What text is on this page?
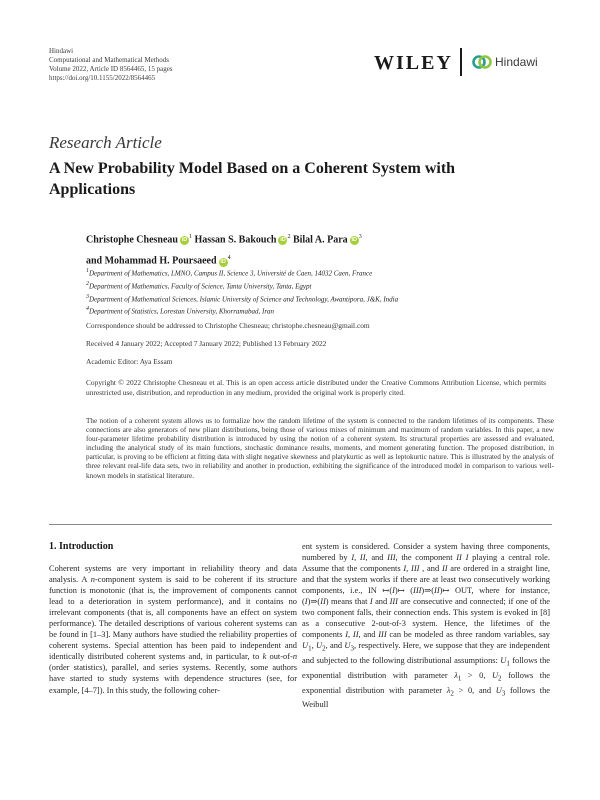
Hindawi
Computational and Mathematical Methods
Volume 2022, Article ID 8564465, 15 pages
https://doi.org/10.1155/2022/8564465
WILEY	Hindawi
Research Article
A New Probability Model Based on a Coherent System with Applications
Christophe Chesneau $iD^1$ Hassan S. Bakouch $iD^2$ Bilal A. Para $iD^3$
and Mohammad H. Poursaeed $iD^4$
$^1$Department of Mathematics, LMNO, Campus II, Science 3, Université de Caen, 14032 Caen, France
$^2$Department of Mathematics, Faculty of Science, Tanta University, Tanta, Egypt
$^3$Department of Mathematical Sciences, Islamic University of Science and Technology, Awantipora, J&K, India
$^4$Department of Statistics, Lorestan University, Khorramabad, Iran
Correspondence should be addressed to Christophe Chesneau; christophe.chesneau@gmail.com
Received 4 January 2022; Accepted 7 January 2022; Published 13 February 2022
Academic Editor: Aya Essam
Copyright © 2022 Christophe Chesneau et al. This is an open access article distributed under the Creative Commons Attribution License, which permits unrestricted use, distribution, and reproduction in any medium, provided the original work is properly cited.
The notion of a coherent system allows us to formalize how the random lifetime of the system is connected to the random lifetimes of its components. These connections are also generators of new pliant distributions, being those of various mixes of minimum and maximum of random variables. In this paper, a new four-parameter lifetime probability distribution is introduced by using the notion of a coherent system. Its structural properties are assessed and evaluated, including the analytical study of its main functions, stochastic dominance results, moments, and moment generating function. The proposed distribution, in particular, is proving to be efficient at fitting data with slight negative skewness and platykurtic as well as leptokurtic nature. This is illustrated by the analysis of three relevant real-life data sets, two in reliability and another in production, exhibiting the significance of the introduced model in comparison to various well-known models in statistical literature.
1. Introduction
Coherent systems are very important in reliability theory and data analysis. A n-component system is said to be coherent if its structure function is monotonic (that is, the improvement of components cannot lead to a deterioration in system performance), and it contains no irrelevant components (that is, all components have an effect on system performance). The detailed descriptions of various coherent systems can be found in [1–3]. Many authors have studied the reliability properties of coherent systems. Special attention has been paid to independent and identically distributed coherent systems and, in particular, to k out-of-n (order statistics), parallel, and series systems. Recently, some authors have started to study systems with dependence structures (see, for example, [4–7]). In this study, the following coher-
ent system is considered. Consider a system having three components, numbered by I, II, and III, the component II I playing a central role. Assume that the components I, III , and II are ordered in a straight line, and that the system works if there are at least two consecutively working components, i.e., IN ↦(I)↦ (III)⇒(II)↦ OUT, where for instance, (I)⇒(II) means that I and III are consecutive and connected; if one of the two component falls, their connection ends. This system is evoked in [8] as a consecutive 2-out-of-3 system. Hence, the lifetimes of the components I, II, and III can be modeled as three random variables, say $U_1$, $U_2$, and $U_3$, respectively. Here, we suppose that they are independent and subjected to the following distributional assumptions: $U_1$ follows the exponential distribution with parameter $\lambda_1 > 0$, $U_2$ follows the exponential distribution with parameter $\lambda_2 > 0$, and $U_3$ follows the Weibull
